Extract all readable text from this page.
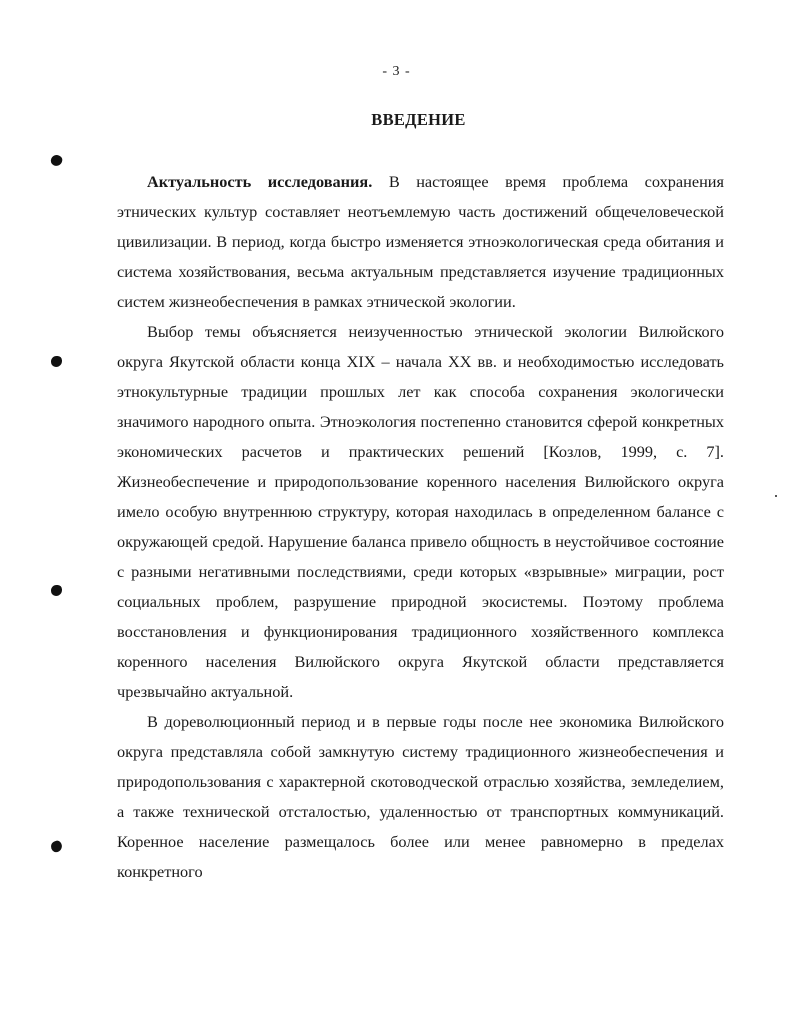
- 3 -
ВВЕДЕНИЕ

Актуальность исследования. В настоящее время проблема сохранения этнических культур составляет неотъемлемую часть достижений общечеловеческой цивилизации. В период, когда быстро изменяется этноэкологическая среда обитания и система хозяйствования, весьма актуальным представляется изучение традиционных систем жизнеобеспечения в рамках этнической экологии.

Выбор темы объясняется неизученностью этнической экологии Вилюйского округа Якутской области конца XIX – начала XX вв. и необходимостью исследовать этнокультурные традиции прошлых лет как способа сохранения экологически значимого народного опыта. Этноэкология постепенно становится сферой конкретных экономических расчетов и практических решений [Козлов, 1999, с. 7]. Жизнеобеспечение и природопользование коренного населения Вилюйского округа имело особую внутреннюю структуру, которая находилась в определенном балансе с окружающей средой. Нарушение баланса привело общность в неустойчивое состояние с разными негативными последствиями, среди которых «взрывные» миграции, рост социальных проблем, разрушение природной экосистемы. Поэтому проблема восстановления и функционирования традиционного хозяйственного комплекса коренного населения Вилюйского округа Якутской области представляется чрезвычайно актуальной.

В дореволюционный период и в первые годы после нее экономика Вилюйского округа представляла собой замкнутую систему традиционного жизнеобеспечения и природопользования с характерной скотоводческой отраслью хозяйства, земледелием, а также технической отсталостью, удаленностью от транспортных коммуникаций. Коренное население размещалось более или менее равномерно в пределах конкретного
